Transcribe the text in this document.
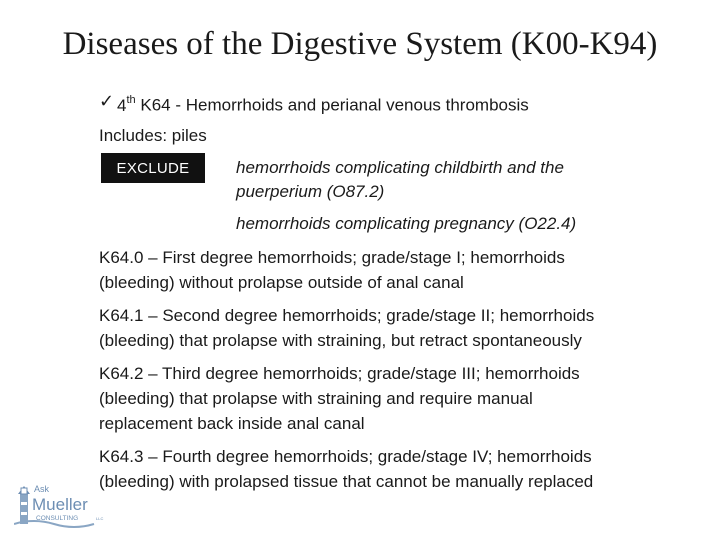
Diseases of the Digestive System (K00-K94)
✓ 4th K64 - Hemorrhoids and perianal venous thrombosis
Includes: piles
EXCLUDE	hemorrhoids complicating childbirth and the
puerperium (O87.2)
hemorrhoids complicating pregnancy (O22.4)
K64.0 – First degree hemorrhoids; grade/stage I; hemorrhoids
(bleeding) without prolapse outside of anal canal
K64.1 – Second degree hemorrhoids; grade/stage II; hemorrhoids
(bleeding) that prolapse with straining, but retract spontaneously
K64.2 – Third degree hemorrhoids; grade/stage III; hemorrhoids
(bleeding) that prolapse with straining and require manual
replacement back inside anal canal
K64.3 – Fourth degree hemorrhoids; grade/stage IV; hemorrhoids
(bleeding) with prolapsed tissue that cannot be manually replaced
Ask
Mueller
CONSULTING	LLC
